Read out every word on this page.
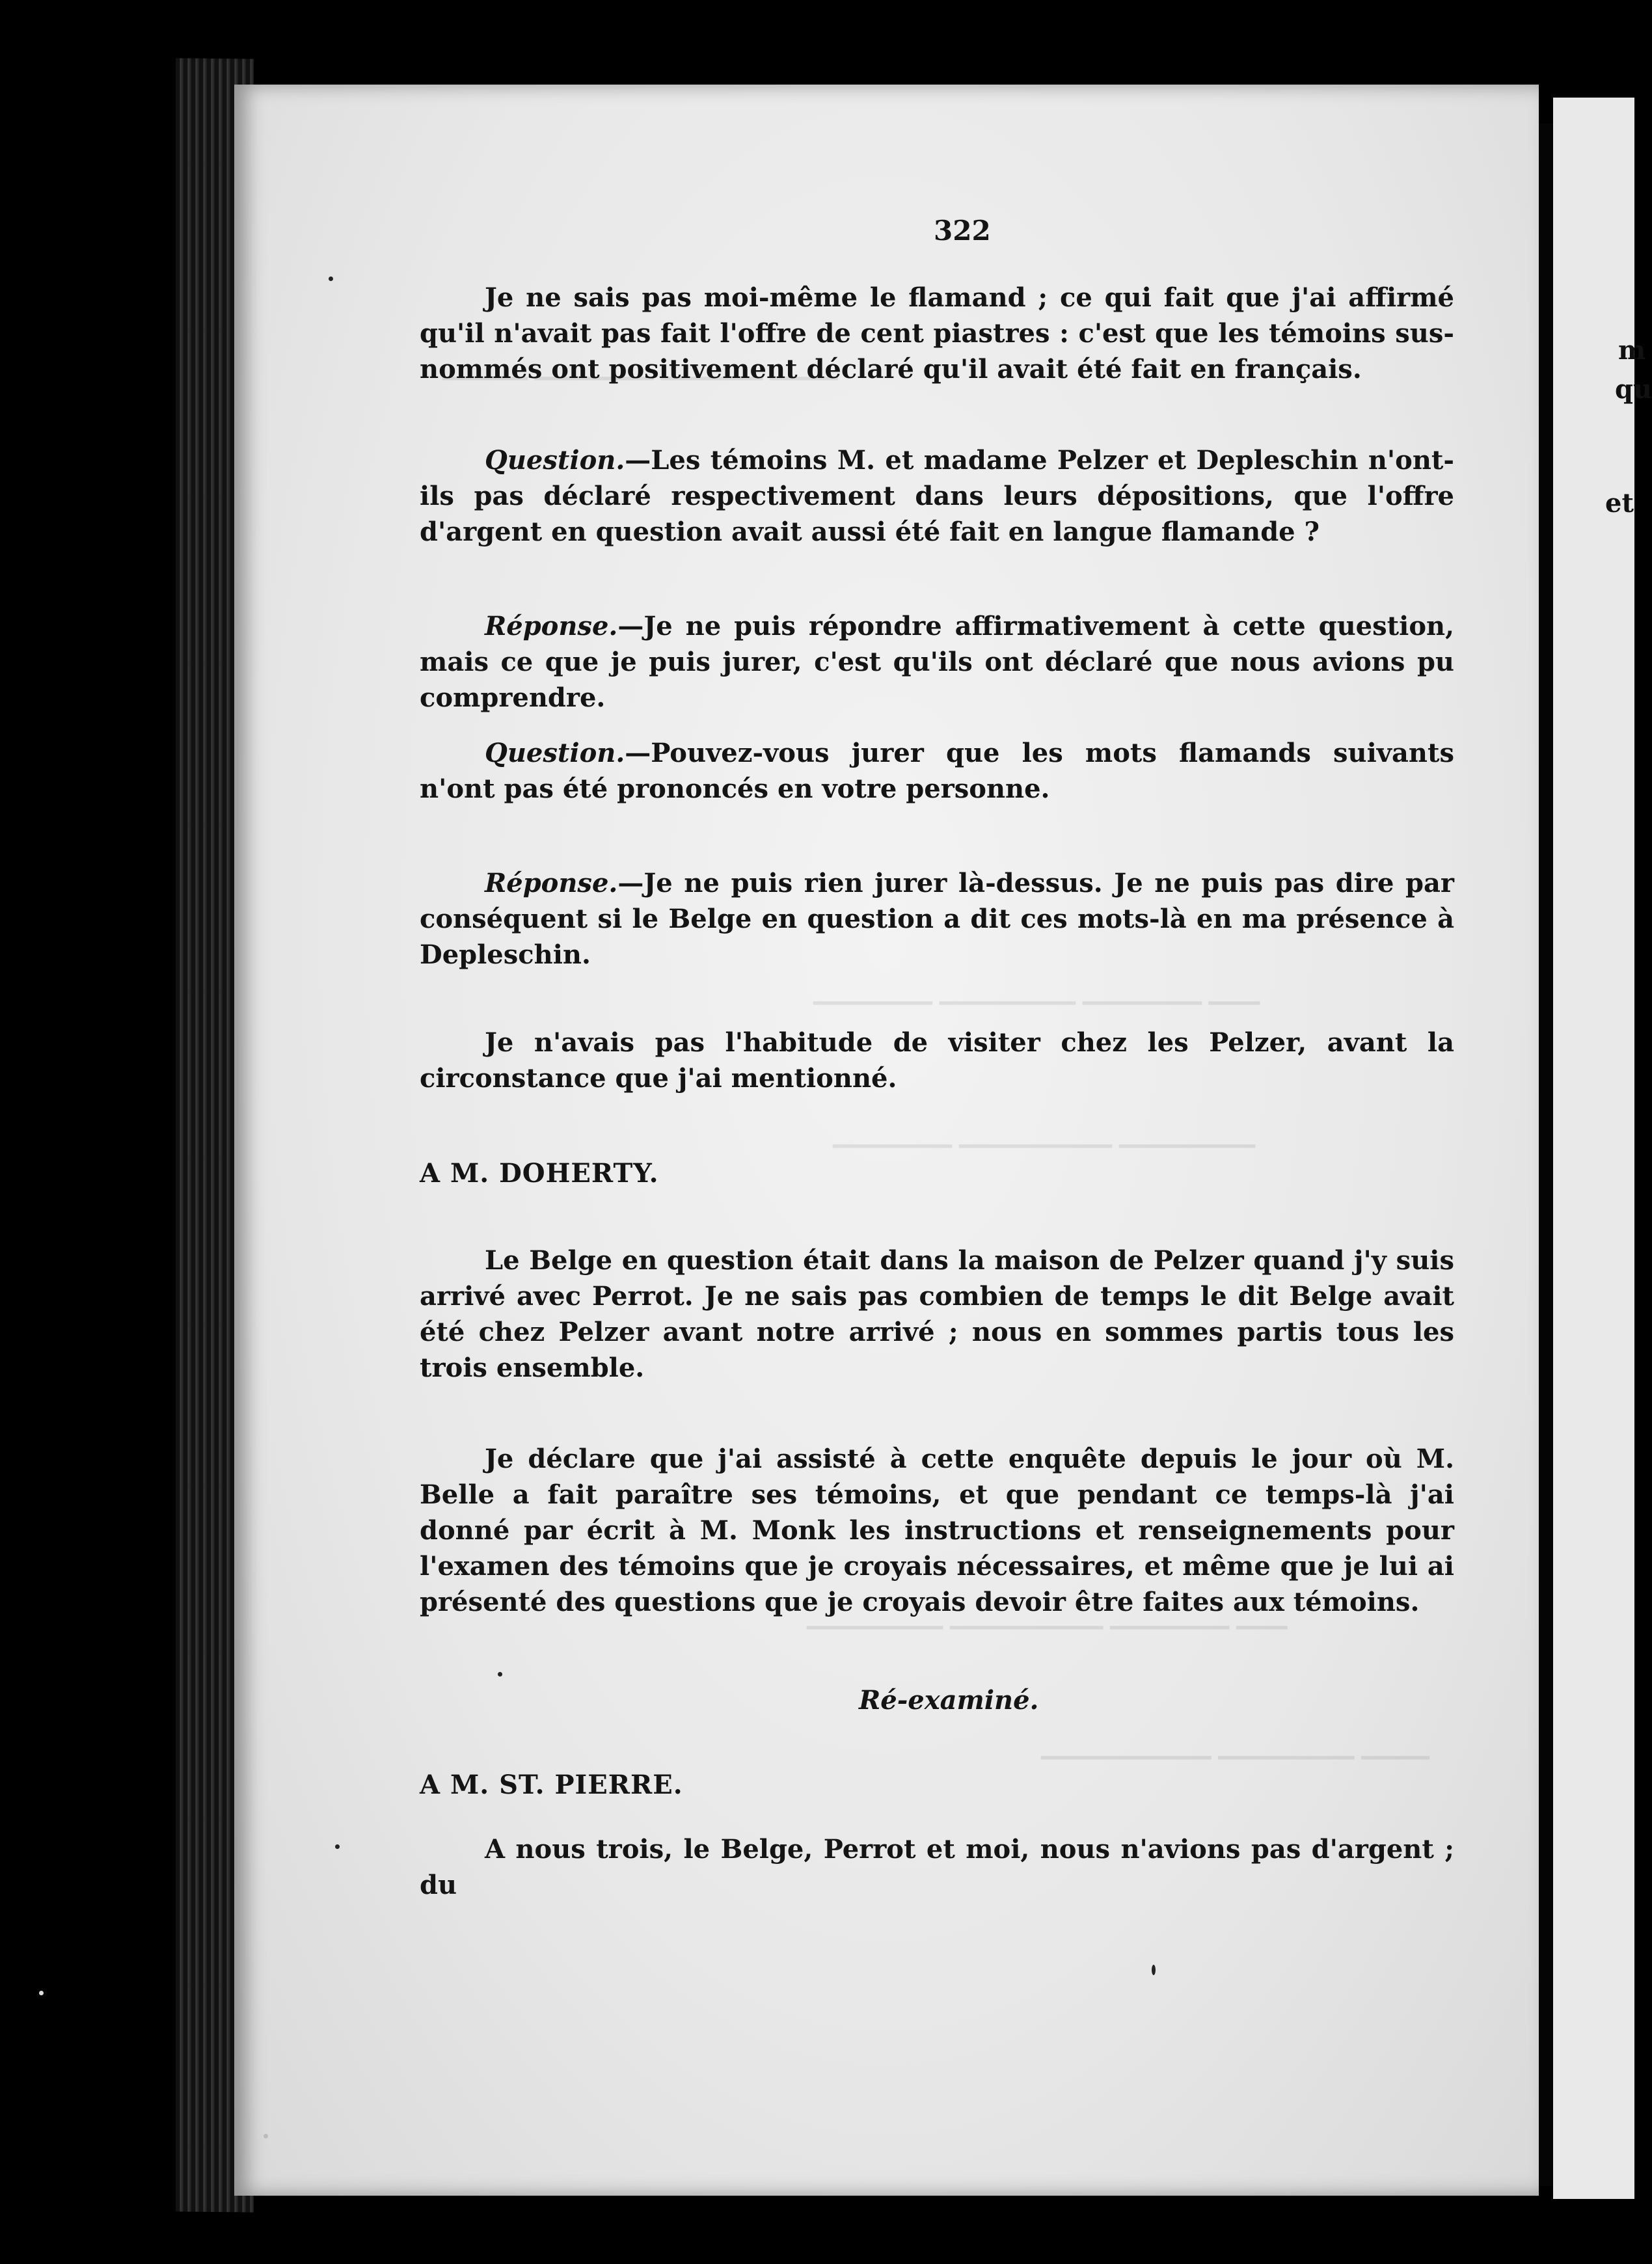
▔▔▔▔▔ ▔▔▔▔▔▔▔ ▔▔▔▔▔▔ ▔▔▔▔
▔▔▔▔▔▔▔ ▔▔▔▔▔▔▔▔ ▔▔▔▔▔▔▔ ▔▔▔
▔▔▔▔▔▔▔ ▔▔▔▔▔▔▔▔▔ ▔▔▔▔▔▔▔▔
▔▔▔▔▔▔▔▔ ▔▔▔▔▔▔▔▔▔ ▔▔▔▔▔▔▔ ▔▔▔
▔▔▔▔▔▔▔▔▔▔ ▔▔▔▔▔▔▔▔ ▔▔▔▔
322

Je ne sais pas moi-même le flamand ; ce qui fait que j'ai affirmé qu'il n'avait pas fait l'offre de cent piastres : c'est que les témoins sus-nommés ont positivement déclaré qu'il avait été fait en français.

Question.—Les témoins M. et madame Pelzer et Depleschin n'ont-ils pas déclaré respectivement dans leurs dépositions, que l'offre d'argent en question avait aussi été fait en langue flamande ?

Réponse.—Je ne puis répondre affirmativement à cette question, mais ce que je puis jurer, c'est qu'ils ont déclaré que nous avions pu comprendre.

Question.—Pouvez-vous jurer que les mots flamands suivants n'ont pas été prononcés en votre personne.

Réponse.—Je ne puis rien jurer là-dessus. Je ne puis pas dire par conséquent si le Belge en question a dit ces mots-là en ma présence à Depleschin.

Je n'avais pas l'habitude de visiter chez les Pelzer, avant la circonstance que j'ai mentionné.

A M. DOHERTY.

Le Belge en question était dans la maison de Pelzer quand j'y suis arrivé avec Perrot. Je ne sais pas combien de temps le dit Belge avait été chez Pelzer avant notre arrivé ; nous en sommes partis tous les trois ensemble.

Je déclare que j'ai assisté à cette enquête depuis le jour où M. Belle a fait paraître ses témoins, et que pendant ce temps-là j'ai donné par écrit à M. Monk les instructions et renseignements pour l'examen des témoins que je croyais nécessaires, et même que je lui ai présenté des questions que je croyais devoir être faites aux témoins.

Ré-examiné.
A M. ST. PIERRE.

A nous trois, le Belge, Perrot et moi, nous n'avions pas d'argent ; du

m
qu
et
